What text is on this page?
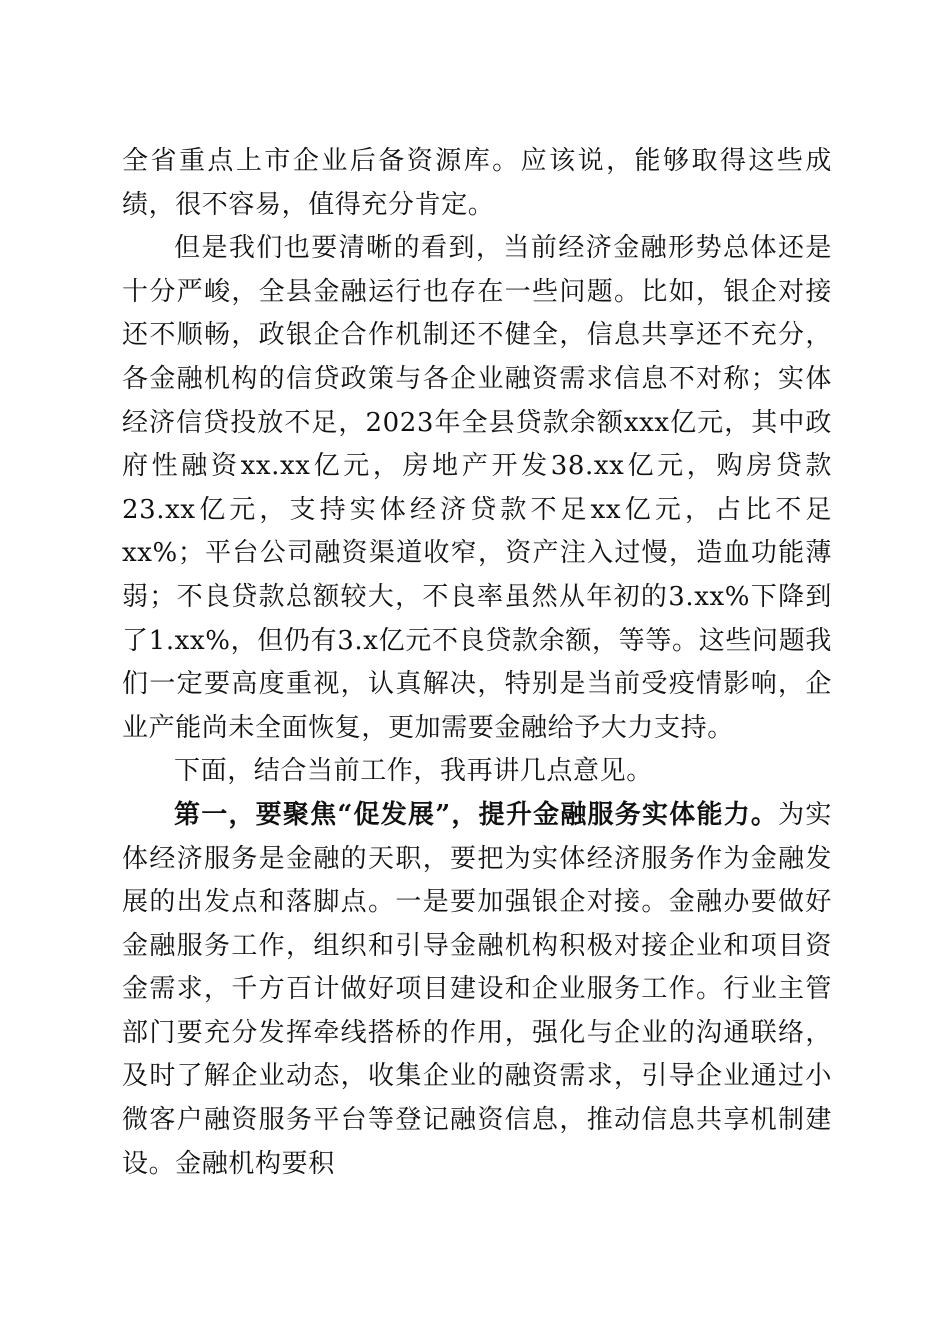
全省重点上市企业后备资源库。应该说，能够取得这些成绩，很不容易，值得充分肯定。

但是我们也要清晰的看到，当前经济金融形势总体还是十分严峻，全县金融运行也存在一些问题。比如，银企对接还不顺畅，政银企合作机制还不健全，信息共享还不充分，各金融机构的信贷政策与各企业融资需求信息不对称；实体经济信贷投放不足，2023年全县贷款余额xxx亿元，其中政府性融资xx.xx亿元，房地产开发38.xx亿元，购房贷款23.xx亿元，支持实体经济贷款不足xx亿元，占比不足xx%；平台公司融资渠道收窄，资产注入过慢，造血功能薄弱；不良贷款总额较大，不良率虽然从年初的3.xx%下降到了1.xx%，但仍有3.x亿元不良贷款余额，等等。这些问题我们一定要高度重视，认真解决，特别是当前受疫情影响，企业产能尚未全面恢复，更加需要金融给予大力支持。

下面，结合当前工作，我再讲几点意见。

第一，要聚焦“促发展”，提升金融服务实体能力。为实体经济服务是金融的天职，要把为实体经济服务作为金融发展的出发点和落脚点。一是要加强银企对接。金融办要做好金融服务工作，组织和引导金融机构积极对接企业和项目资金需求，千方百计做好项目建设和企业服务工作。行业主管部门要充分发挥牵线搭桥的作用，强化与企业的沟通联络，及时了解企业动态，收集企业的融资需求，引导企业通过小微客户融资服务平台等登记融资信息，推动信息共享机制建设。金融机构要积
